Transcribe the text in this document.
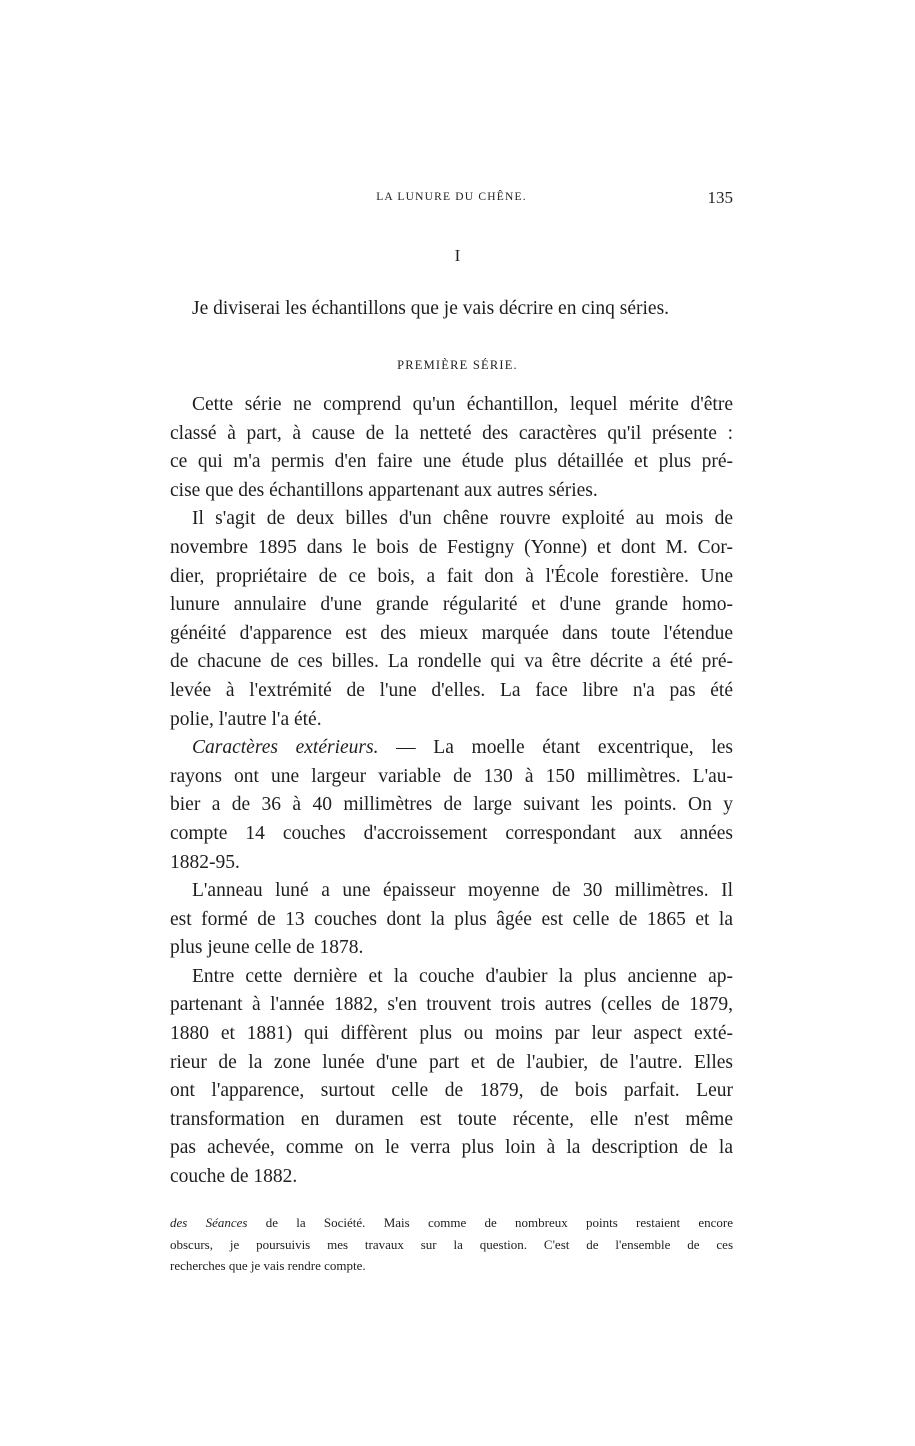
LA LUNURE DU CHÊNE.	135
I
Je diviserai les échantillons que je vais décrire en cinq séries.
PREMIÈRE SÉRIE.
Cette série ne comprend qu'un échantillon, lequel mérite d'être
classé à part, à cause de la netteté des caractères qu'il présente :
ce qui m'a permis d'en faire une étude plus détaillée et plus pré-
cise que des échantillons appartenant aux autres séries.
Il s'agit de deux billes d'un chêne rouvre exploité au mois de
novembre 1895 dans le bois de Festigny (Yonne) et dont M. Cor-
dier, propriétaire de ce bois, a fait don à l'École forestière. Une
lunure annulaire d'une grande régularité et d'une grande homo-
généité d'apparence est des mieux marquée dans toute l'étendue
de chacune de ces billes. La rondelle qui va être décrite a été pré-
levée à l'extrémité de l'une d'elles. La face libre n'a pas été
polie, l'autre l'a été.
Caractères extérieurs. — La moelle étant excentrique, les
rayons ont une largeur variable de 130 à 150 millimètres. L'au-
bier a de 36 à 40 millimètres de large suivant les points. On y
compte 14 couches d'accroissement correspondant aux années
1882-95.
L'anneau luné a une épaisseur moyenne de 30 millimètres. Il
est formé de 13 couches dont la plus âgée est celle de 1865 et la
plus jeune celle de 1878.
Entre cette dernière et la couche d'aubier la plus ancienne ap-
partenant à l'année 1882, s'en trouvent trois autres (celles de 1879,
1880 et 1881) qui diffèrent plus ou moins par leur aspect exté-
rieur de la zone lunée d'une part et de l'aubier, de l'autre. Elles
ont l'apparence, surtout celle de 1879, de bois parfait. Leur
transformation en duramen est toute récente, elle n'est même
pas achevée, comme on le verra plus loin à la description de la
couche de 1882.
des Séances de la Société. Mais comme de nombreux points restaient encore
obscurs, je poursuivis mes travaux sur la question. C'est de l'ensemble de ces
recherches que je vais rendre compte.
